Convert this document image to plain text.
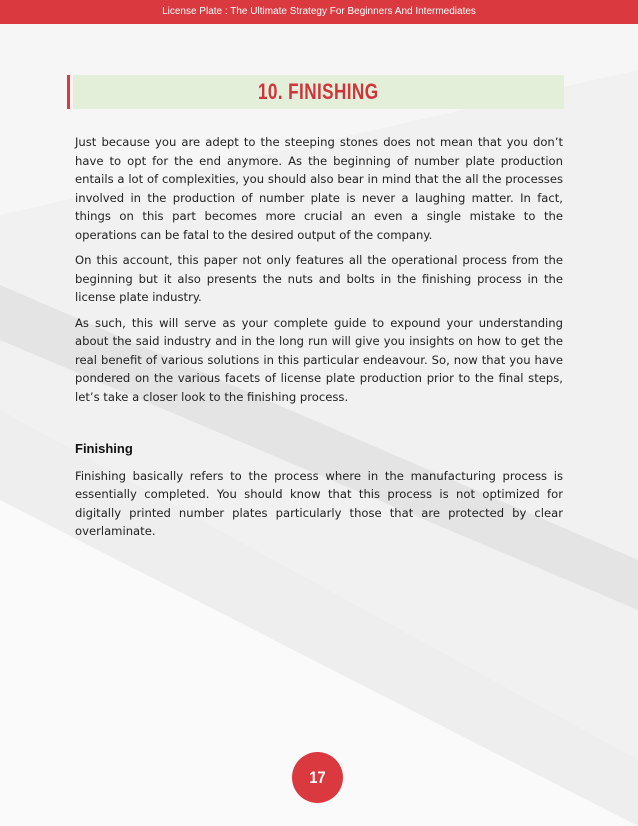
License Plate : The Ultimate Strategy For Beginners And Intermediates
10. FINISHING

Just because you are adept to the steeping stones does not mean that you don’t have to opt for the end anymore. As the beginning of number plate production entails a lot of complexities, you should also bear in mind that the all the processes involved in the production of number plate is never a laughing matter. In fact, things on this part becomes more crucial an even a single mistake to the operations can be fatal to the desired output of the company.

On this account, this paper not only features all the operational process from the beginning but it also presents the nuts and bolts in the finishing process in the license plate industry.

As such, this will serve as your complete guide to expound your understanding about the said industry and in the long run will give you insights on how to get the real benefit of various solutions in this particular endeavour. So, now that you have pondered on the various facets of license plate production prior to the final steps, let’s take a closer look to the finishing process.

Finishing

Finishing basically refers to the process where in the manufacturing process is essentially completed. You should know that this process is not optimized for digitally printed number plates particularly those that are protected by clear overlaminate.

17
